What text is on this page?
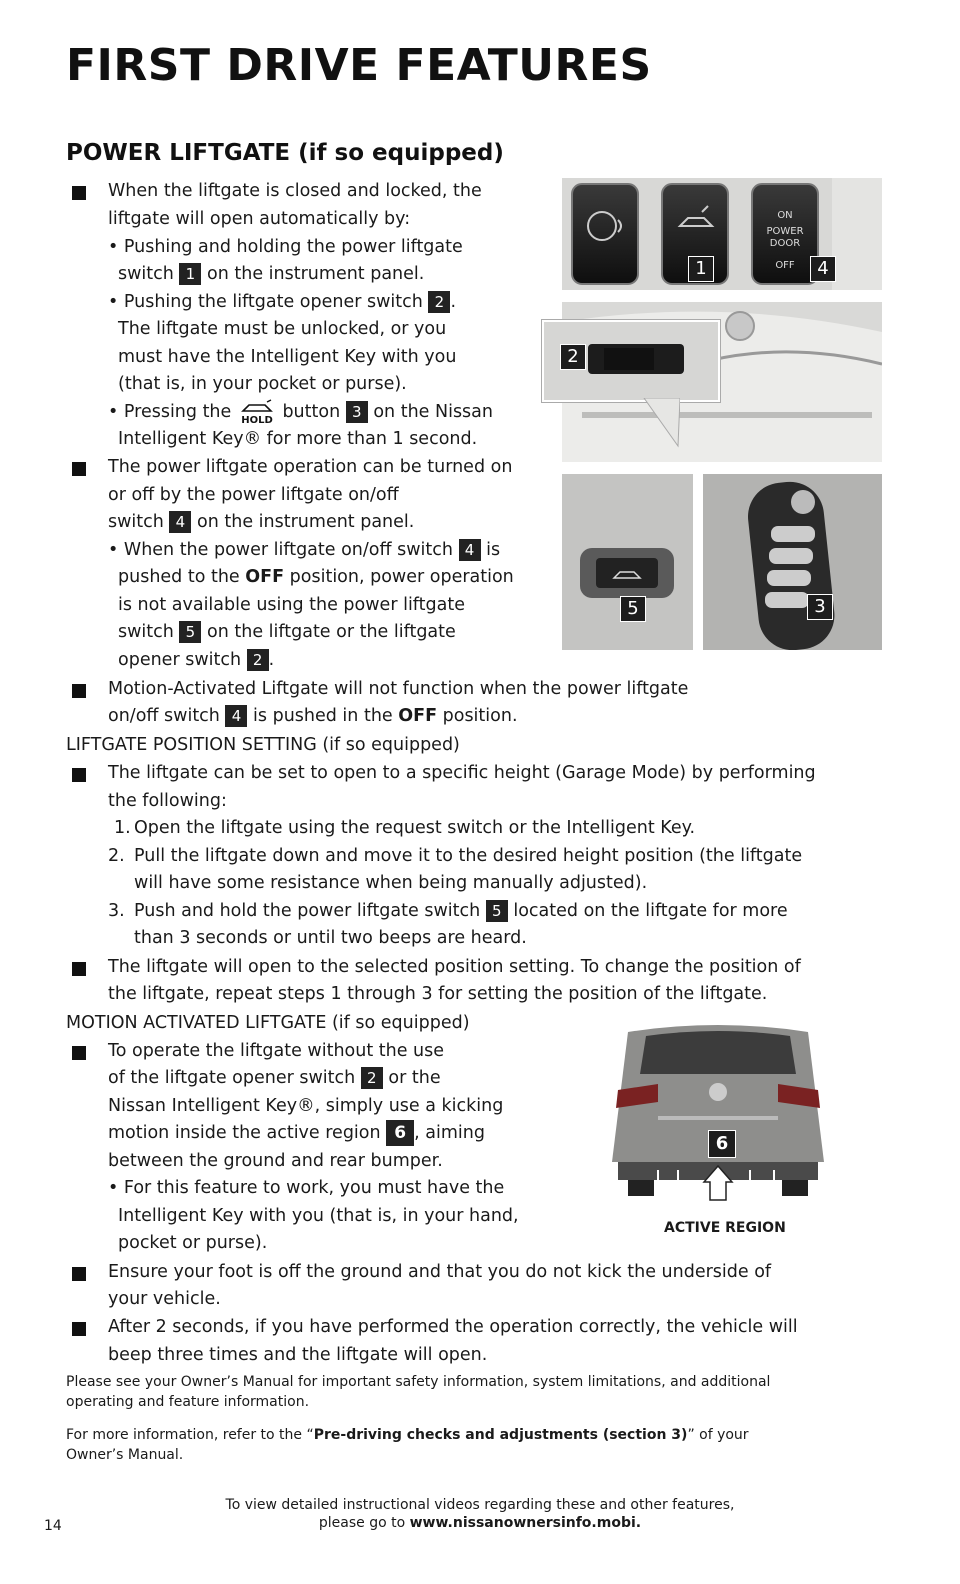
FIRST DRIVE FEATURES
POWER LIFTGATE (if so equipped)
When the liftgate is closed and locked, the
liftgate will open automatically by:
• Pushing and holding the power liftgate
switch 1 on the instrument panel.
• Pushing the liftgate opener switch 2 .
The liftgate must be unlocked, or you
must have the Intelligent Key with you
(that is, in your pocket or purse).
• Pressing the HOLD button 3 on the Nissan
Intelligent Key® for more than 1 second.
The power liftgate operation can be turned on
or off by the power liftgate on/off
switch 4 on the instrument panel.
• When the power liftgate on/off switch 4 is
pushed to the OFF position, power operation
is not available using the power liftgate
switch 5 on the liftgate or the liftgate
opener switch 2 .
Motion-Activated Liftgate will not function when the power liftgate
on/off switch 4 is pushed in the OFF position.
LIFTGATE POSITION SETTING (if so equipped)
The liftgate can be set to open to a specific height (Garage Mode) by performing
the following:
1. Open the liftgate using the request switch or the Intelligent Key.
2. Pull the liftgate down and move it to the desired height position (the liftgate
will have some resistance when being manually adjusted).
3. Push and hold the power liftgate switch 5 located on the liftgate for more
than 3 seconds or until two beeps are heard.
The liftgate will open to the selected position setting. To change the position of
the liftgate, repeat steps 1 through 3 for setting the position of the liftgate.
MOTION ACTIVATED LIFTGATE (if so equipped)
To operate the liftgate without the use
of the liftgate opener switch 2 or the
Nissan Intelligent Key®, simply use a kicking
motion inside the active region 6 , aiming
between the ground and rear bumper.
• For this feature to work, you must have the
Intelligent Key with you (that is, in your hand,
pocket or purse).
Ensure your foot is off the ground and that you do not kick the underside of
your vehicle.
After 2 seconds, if you have performed the operation correctly, the vehicle will
beep three times and the liftgate will open.
Please see your Owner’s Manual for important safety information, system limitations, and additional
operating and feature information.
For more information, refer to the “Pre-driving checks and adjustments (section 3)” of your
Owner’s Manual.
14
To view detailed instructional videos regarding these and other features,
please go to www.nissanownersinfo.mobi.
ON
POWER
DOOR
OFF
1	4
2
5	3
6
ACTIVE REGION
